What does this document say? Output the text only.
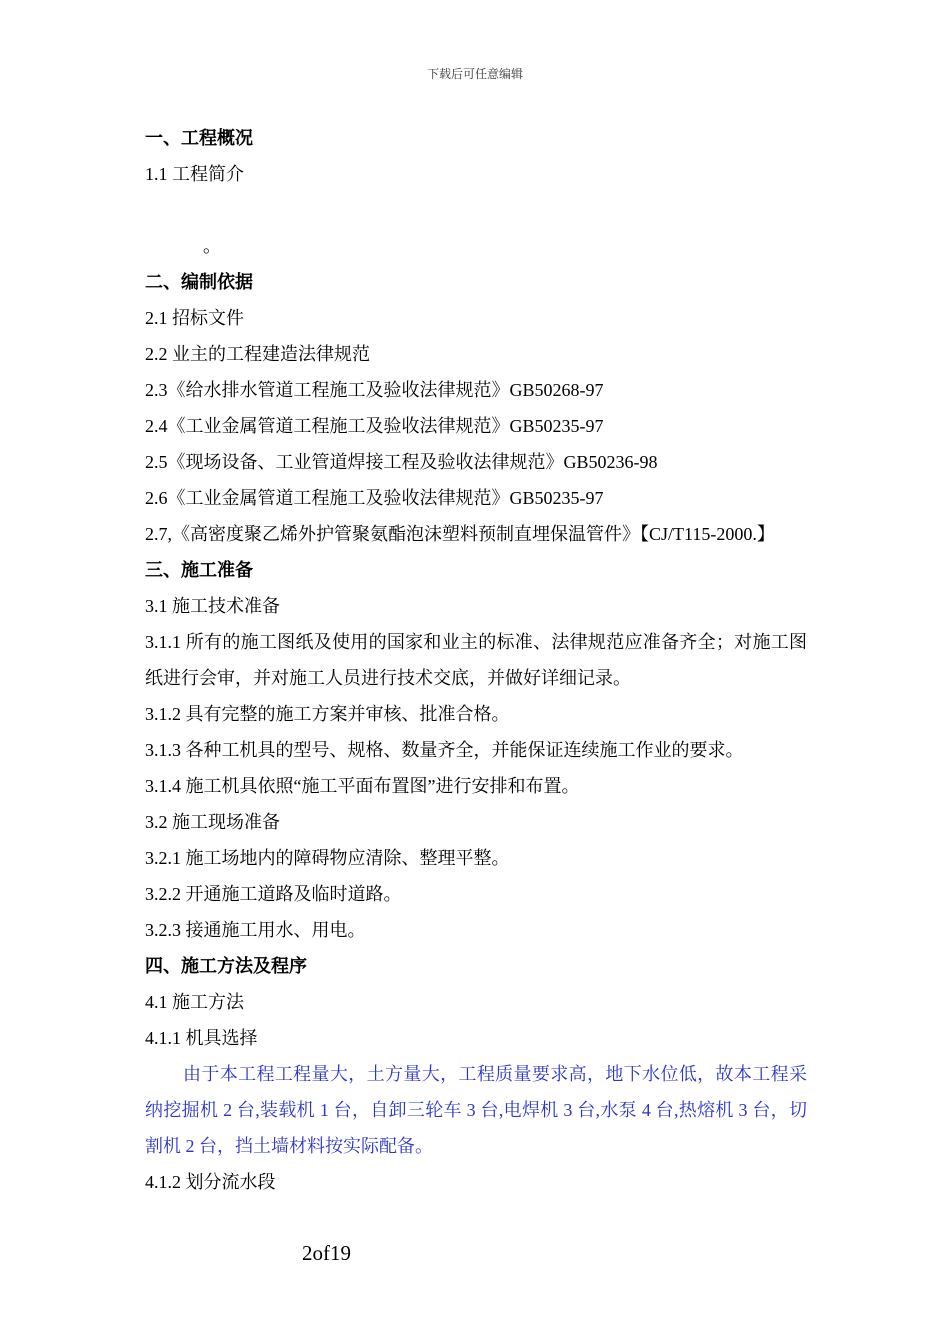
下载后可任意编辑

一、工程概况

1.1 工程简介

。

二、编制依据

2.1 招标文件

2.2 业主的工程建造法律规范

2.3《给水排水管道工程施工及验收法律规范》GB50268-97

2.4《工业金属管道工程施工及验收法律规范》GB50235-97

2.5《现场设备、工业管道焊接工程及验收法律规范》GB50236-98

2.6《工业金属管道工程施工及验收法律规范》GB50235-97

2.7,《高密度聚乙烯外护管聚氨酯泡沫塑料预制直埋保温管件》【CJ/T115-2000.】

三、施工准备

3.1 施工技术准备

3.1.1 所有的施工图纸及使用的国家和业主的标准、法律规范应准备齐全；对施工图纸进行会审，并对施工人员进行技术交底，并做好详细记录。

3.1.2 具有完整的施工方案并审核、批准合格。

3.1.3 各种工机具的型号、规格、数量齐全，并能保证连续施工作业的要求。

3.1.4 施工机具依照“施工平面布置图”进行安排和布置。

3.2 施工现场准备

3.2.1 施工场地内的障碍物应清除、整理平整。

3.2.2 开通施工道路及临时道路。

3.2.3 接通施工用水、用电。

四、施工方法及程序

4.1 施工方法

4.1.1 机具选择

由于本工程工程量大，土方量大，工程质量要求高，地下水位低，故本工程采纳挖掘机 2 台,装载机 1 台，自卸三轮车 3 台,电焊机 3 台,水泵 4 台,热熔机 3 台，切割机 2 台，挡土墙材料按实际配备。

4.1.2 划分流水段

2of19
